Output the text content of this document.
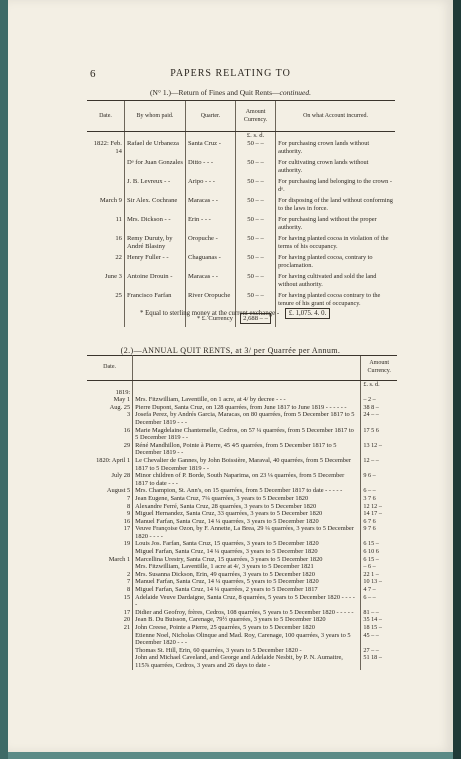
PAPERS RELATING TO
6
(N° 1.)—Return of Fines and Quit Rents—continued.
Date.	By whom paid.	Quarter.	Amount Currency.	On what Account incurred.
			£. s. d.	
1822: Feb. 14	Rafael de Urbaneza	Santa Cruz -	50 – –	For purchasing crown lands without authority.
	Dᵒ for Juan Gonzales	Ditto - - -	50 – –	For cultivating crown lands without authority.
	J. B. Levreux - -	Aripo - - -	50 – –	For purchasing land belonging to the crown - dᵒ.
March 9	Sir Alex. Cochrane	Maracas - -	50 – –	For disposing of the land without conforming to the laws in force.
11	Mrs. Dickson - -	Erin - - -	50 – –	For purchasing land without the proper authority.
16	Remy Duruty, by André Blasiny	Oropuche -	50 – –	For having planted cocoa in violation of the terms of his occupancy.
22	Henry Fuller - -	Chaguanas -	50 – –	For having planted cocoa, contrary to proclamation.
June 3	Antoine Drouin -	Maracas - -	50 – –	For having cultivated and sold the land without authority.
25	Francisco Farfan	River Oropuche	50 – –	For having planted cocoa contrary to the tenure of his grant of occupancy.
		* £. Currency	2,688 – –	
* Equal to sterling money at the current exchange - £. 1,075. 4. 0.
(2.)—ANNUAL QUIT RENTS, at 3/ per Quarrée per Annum.
Date.		Amount Currency.
		£. s. d.
1819:		
May 1	Mrs. Fitzwilliam, Laventille, on 1 acre, at 4/ by decree - - -	– 2 –
Aug. 25	Pierre Dupont, Santa Cruz, on 128 quarrées, from June 1817 to June 1819 - - - - - -	38 8 –
3	Josefa Perez, by Andrés Garcia, Maracas, on 80 quarrées, from 5 December 1817 to 5 December 1819 - - -	24 – –
16	Marie Magdelaine Chantemelle, Cedros, on 57 ¼ quarrées, from 5 December 1817 to 5 December 1819 - -	17 5 6
29	Réné Mandhillon, Pointe à Pierre, 45 4⁄5 quarrées, from 5 December 1817 to 5 December 1819 - -	13 12 –
1820: April 1	Le Chevalier de Gannes, by John Boissière, Maraval, 40 quarrées, from 5 December 1817 to 5 December 1819 - -	12 – –
July 28	Minor children of P. Borde, South Naparima, on 23 ⅛ quarrées, from 5 December 1817 to date - - -	9 6 –
August 5	Mrs. Champion, St. Ann's, on 15 quarrées, from 5 December 1817 to date - - - - -	6 – –
7	Jean Eugene, Santa Cruz, 7¼ quarrées, 3 years to 5 December 1820	3 7 6
8	Alexandre Ferré, Santa Cruz, 28 quarrées, 3 years to 5 December 1820	12 12 –
9	Miguel Hernandez, Santa Cruz, 33 quarrées, 3 years to 5 December 1820	14 17 –
16	Manuel Farfan, Santa Cruz, 14 ¼ quarrées, 3 years to 5 December 1820	6 7 6
17	Veuve Françoise Ozon, by F. Annette, La Brea, 29 ¼ quarrées, 3 years to 5 December 1820 - - - -	9 7 6
19	Louis Jos. Farfan, Santa Cruz, 15 quarrées, 3 years to 5 December 1820	6 15 –
	Miguel Farfan, Santa Cruz, 14 ¼ quarrées, 3 years to 5 December 1820	6 10 6
March 1	Marcellina Urestry, Santa Cruz, 15 quarrées, 3 years to 5 December 1820	6 15 –
	Mrs. Fitzwilliam, Laventille, 1 acre at 4/, 3 years to 5 December 1821	– 6 –
2	Mrs. Susanna Dickson, Erin, 49 quarrées, 3 years to 5 December 1820	22 1 –
7	Manuel Farfan, Santa Cruz, 14 ¼ quarrées, 5 years to 5 December 1820	10 13 –
8	Miguel Farfan, Santa Cruz, 14 ¼ quarrées, 2 years to 5 December 1817	4 7 –
15	Adelaide Veuve Dardaigne, Santa Cruz, 8 quarrées, 5 years to 5 December 1820 - - - - -	6 – –
17	Didier and Geofroy, frères, Cedros, 108 quarrées, 5 years to 5 December 1820 - - - - -	81 – –
20	Jean B. Du Buisson, Carenage, 79½ quarrées, 3 years to 5 December 1820	35 14 –
21	John Creese, Pointe a Pierre, 25 quarrées, 5 years to 5 December 1820	18 15 –
	Etienne Noel, Nicholas Olinque and Mad. Roy, Carenage, 100 quarrées, 3 years to 5 December 1820 - - -	45 – –
	Thomas St. Hill, Erin, 60 quarrées, 3 years to 5 December 1820 -	27 – –
	John and Michael Caveland, and George and Adelaide Nesbit, by P. N. Aumaitre, 115⅞ quarrées, Cedros, 3 years and 26 days to date -	51 18 –
